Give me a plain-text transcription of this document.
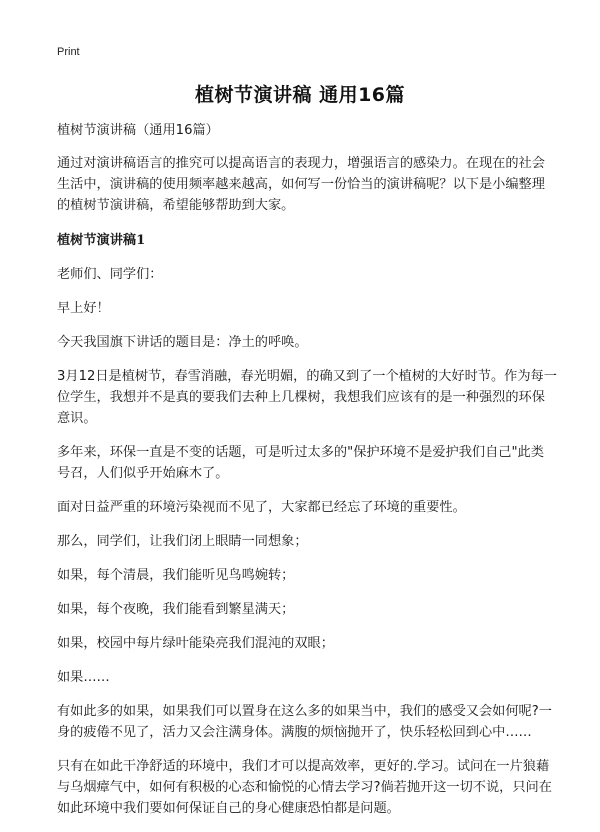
Print
植树节演讲稿 通用16篇

植树节演讲稿（通用16篇）

通过对演讲稿语言的推究可以提高语言的表现力，增强语言的感染力。在现在的社会生活中，演讲稿的使用频率越来越高，如何写一份恰当的演讲稿呢？以下是小编整理的植树节演讲稿，希望能够帮助到大家。

植树节演讲稿1

老师们、同学们：

早上好！

今天我国旗下讲话的题目是：净土的呼唤。

3月12日是植树节，春雪消融，春光明媚，的确又到了一个植树的大好时节。作为每一位学生，我想并不是真的要我们去种上几棵树，我想我们应该有的是一种强烈的环保意识。

多年来，环保一直是不变的话题，可是听过太多的"保护环境不是爱护我们自己"此类号召，人们似乎开始麻木了。

面对日益严重的环境污染视而不见了，大家都已经忘了环境的重要性。

那么，同学们，让我们闭上眼睛一同想象；

如果，每个清晨，我们能听见鸟鸣婉转；

如果，每个夜晚，我们能看到繁星满天；

如果，校园中每片绿叶能染亮我们混沌的双眼；

如果……

有如此多的如果，如果我们可以置身在这么多的如果当中，我们的感受又会如何呢?一身的疲倦不见了，活力又会注满身体。满腹的烦恼抛开了，快乐轻松回到心中……

只有在如此干净舒适的环境中，我们才可以提高效率，更好的.学习。试问在一片狼藉与乌烟瘴气中，如何有积极的心态和愉悦的心情去学习?倘若抛开这一切不说，只问在如此环境中我们要如何保证自己的身心健康恐怕都是问题。
